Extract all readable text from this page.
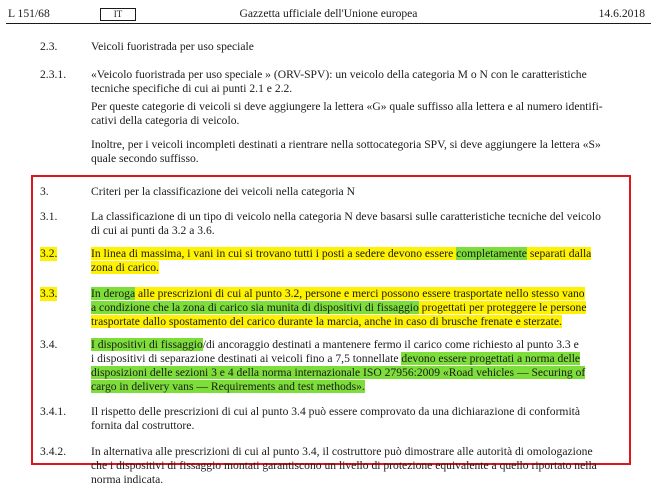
L 151/68	IT	Gazzetta ufficiale dell'Unione europea	14.6.2018
2.3.	Veicoli fuoristrada per uso speciale
2.3.1. «Veicolo fuoristrada per uso speciale » (ORV-SPV): un veicolo della categoria M o N con le caratteristiche
tecniche specifiche di cui ai punti 2.1 e 2.2.
Per queste categorie di veicoli si deve aggiungere la lettera «G» quale suffisso alla lettera e al numero identifi-
cativi della categoria di veicolo.
Inoltre, per i veicoli incompleti destinati a rientrare nella sottocategoria SPV, si deve aggiungere la lettera «S»
quale secondo suffisso.
3.	Criteri per la classificazione dei veicoli nella categoria N
3.1.	La classificazione di un tipo di veicolo nella categoria N deve basarsi sulle caratteristiche tecniche del veicolo
di cui ai punti da 3.2 a 3.6.
3.2.	In linea di massima, i vani in cui si trovano tutti i posti a sedere devono essere completamente separati dalla
zona di carico.
3.3.	In deroga alle prescrizioni di cui al punto 3.2, persone e merci possono essere trasportate nello stesso vano
a condizione che la zona di carico sia munita di dispositivi di fissaggio progettati per proteggere le persone
trasportate dallo spostamento del carico durante la marcia, anche in caso di brusche frenate e sterzate.
3.4.	I dispositivi di fissaggio/di ancoraggio destinati a mantenere fermo il carico come richiesto al punto 3.3 e
i dispositivi di separazione destinati ai veicoli fino a 7,5 tonnellate devono essere progettati a norma delle
disposizioni delle sezioni 3 e 4 della norma internazionale ISO 27956:2009 «Road vehicles — Securing of
cargo in delivery vans — Requirements and test methods».
3.4.1. Il rispetto delle prescrizioni di cui al punto 3.4 può essere comprovato da una dichiarazione di conformità
fornita dal costruttore.
3.4.2. In alternativa alle prescrizioni di cui al punto 3.4, il costruttore può dimostrare alle autorità di omologazione
che i dispositivi di fissaggio montati garantiscono un livello di protezione equivalente a quello riportato nella
norma indicata.
